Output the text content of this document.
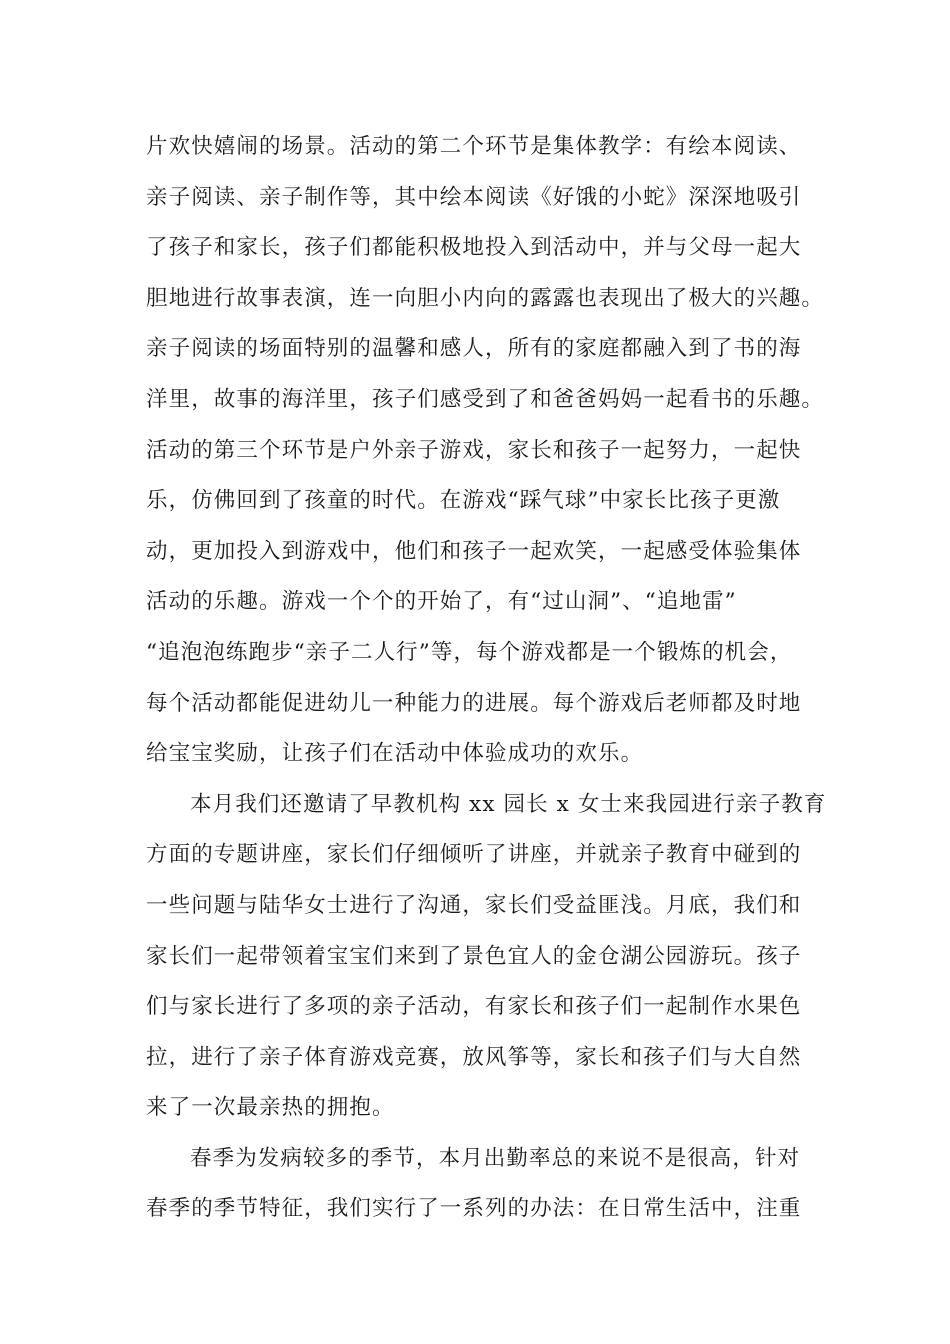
片欢快嬉闹的场景。活动的第二个环节是集体教学：有绘本阅读、
亲子阅读、亲子制作等，其中绘本阅读《好饿的小蛇》深深地吸引
了孩子和家长，孩子们都能积极地投入到活动中，并与父母一起大
胆地进行故事表演，连一向胆小内向的露露也表现出了极大的兴趣。
亲子阅读的场面特别的温馨和感人，所有的家庭都融入到了书的海
洋里，故事的海洋里，孩子们感受到了和爸爸妈妈一起看书的乐趣。
活动的第三个环节是户外亲子游戏，家长和孩子一起努力，一起快
乐，仿佛回到了孩童的时代。在游戏“踩气球”中家长比孩子更激
动，更加投入到游戏中，他们和孩子一起欢笑，一起感受体验集体
活动的乐趣。游戏一个个的开始了，有“过山洞”、“追地雷”
“追泡泡练跑步“亲子二人行”等，每个游戏都是一个锻炼的机会，
每个活动都能促进幼儿一种能力的进展。每个游戏后老师都及时地
给宝宝奖励，让孩子们在活动中体验成功的欢乐。
本月我们还邀请了早教机构 xx 园长 x 女士来我园进行亲子教育
方面的专题讲座，家长们仔细倾听了讲座，并就亲子教育中碰到的
一些问题与陆华女士进行了沟通，家长们受益匪浅。月底，我们和
家长们一起带领着宝宝们来到了景色宜人的金仓湖公园游玩。孩子
们与家长进行了多项的亲子活动，有家长和孩子们一起制作水果色
拉，进行了亲子体育游戏竞赛，放风筝等，家长和孩子们与大自然
来了一次最亲热的拥抱。
春季为发病较多的季节，本月出勤率总的来说不是很高，针对
春季的季节特征，我们实行了一系列的办法：在日常生活中，注重
